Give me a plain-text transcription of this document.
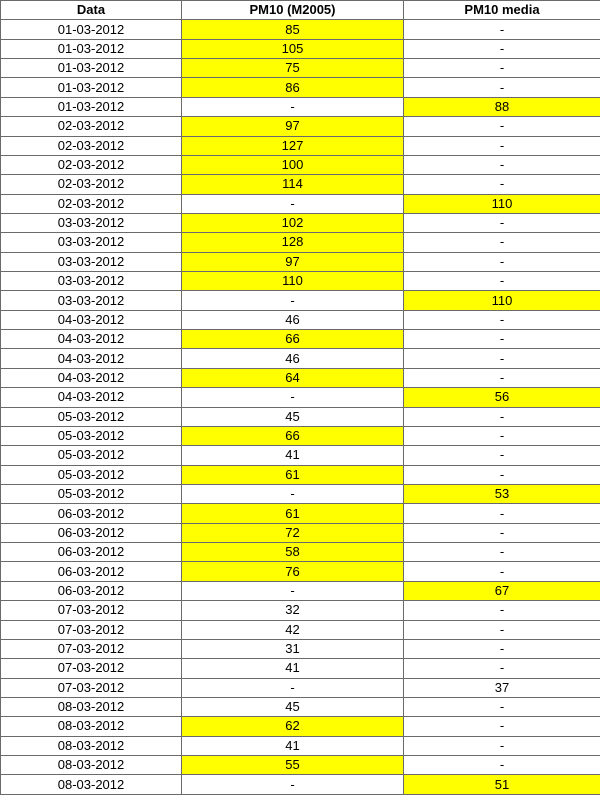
Data	PM10 (M2005)	PM10 media
01-03-2012	85	-
01-03-2012	105	-
01-03-2012	75	-
01-03-2012	86	-
01-03-2012	-	88
02-03-2012	97	-
02-03-2012	127	-
02-03-2012	100	-
02-03-2012	114	-
02-03-2012	-	110
03-03-2012	102	-
03-03-2012	128	-
03-03-2012	97	-
03-03-2012	110	-
03-03-2012	-	110
04-03-2012	46	-
04-03-2012	66	-
04-03-2012	46	-
04-03-2012	64	-
04-03-2012	-	56
05-03-2012	45	-
05-03-2012	66	-
05-03-2012	41	-
05-03-2012	61	-
05-03-2012	-	53
06-03-2012	61	-
06-03-2012	72	-
06-03-2012	58	-
06-03-2012	76	-
06-03-2012	-	67
07-03-2012	32	-
07-03-2012	42	-
07-03-2012	31	-
07-03-2012	41	-
07-03-2012	-	37
08-03-2012	45	-
08-03-2012	62	-
08-03-2012	41	-
08-03-2012	55	-
08-03-2012	-	51
